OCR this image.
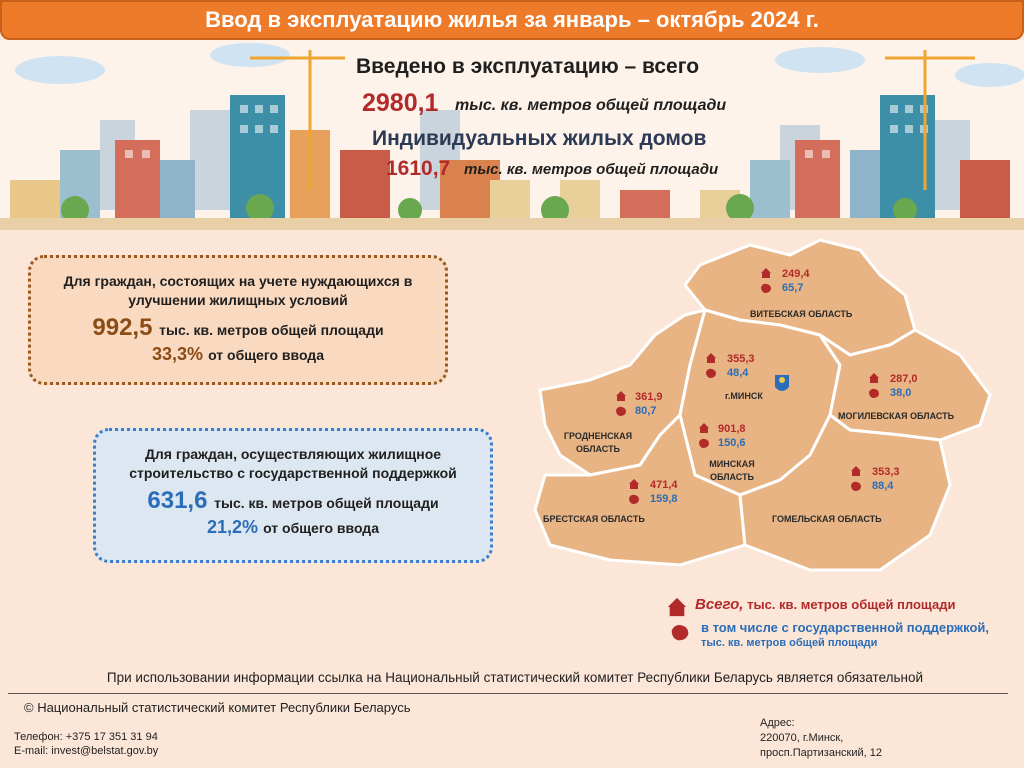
Ввод в эксплуатацию жилья за январь – октябрь 2024 г.
Введено в эксплуатацию – всего
2980,1 тыс. кв. метров общей площади
Индивидуальных жилых домов
1610,7 тыс. кв. метров общей площади
Для граждан, состоящих на учете нуждающихся в улучшении жилищных условий
992,5 тыс. кв. метров общей площади
33,3% от общего ввода
Для граждан, осуществляющих жилищное строительство с государственной поддержкой
631,6 тыс. кв. метров общей площади
21,2% от общего ввода
249,4
65,7
ВИТЕБСКАЯ ОБЛАСТЬ
355,3
48,4
г.МИНСК
287,0
38,0
МОГИЛЕВСКАЯ ОБЛАСТЬ
361,9
80,7
ГРОДНЕНСКАЯ ОБЛАСТЬ
901,8
150,6
МИНСКАЯ ОБЛАСТЬ
471,4
159,8
БРЕСТСКАЯ ОБЛАСТЬ
353,3
88,4
ГОМЕЛЬСКАЯ ОБЛАСТЬ
Всего, тыс. кв. метров общей площади
в том числе с государственной поддержкой, тыс. кв. метров общей площади
При использовании информации ссылка на Национальный статистический комитет Республики Беларусь является обязательной
© Национальный статистический комитет Республики Беларусь
Телефон: +375 17 351 31 94
E-mail: invest@belstat.gov.by
Адрес:
220070, г.Минск,
просп.Партизанский, 12
